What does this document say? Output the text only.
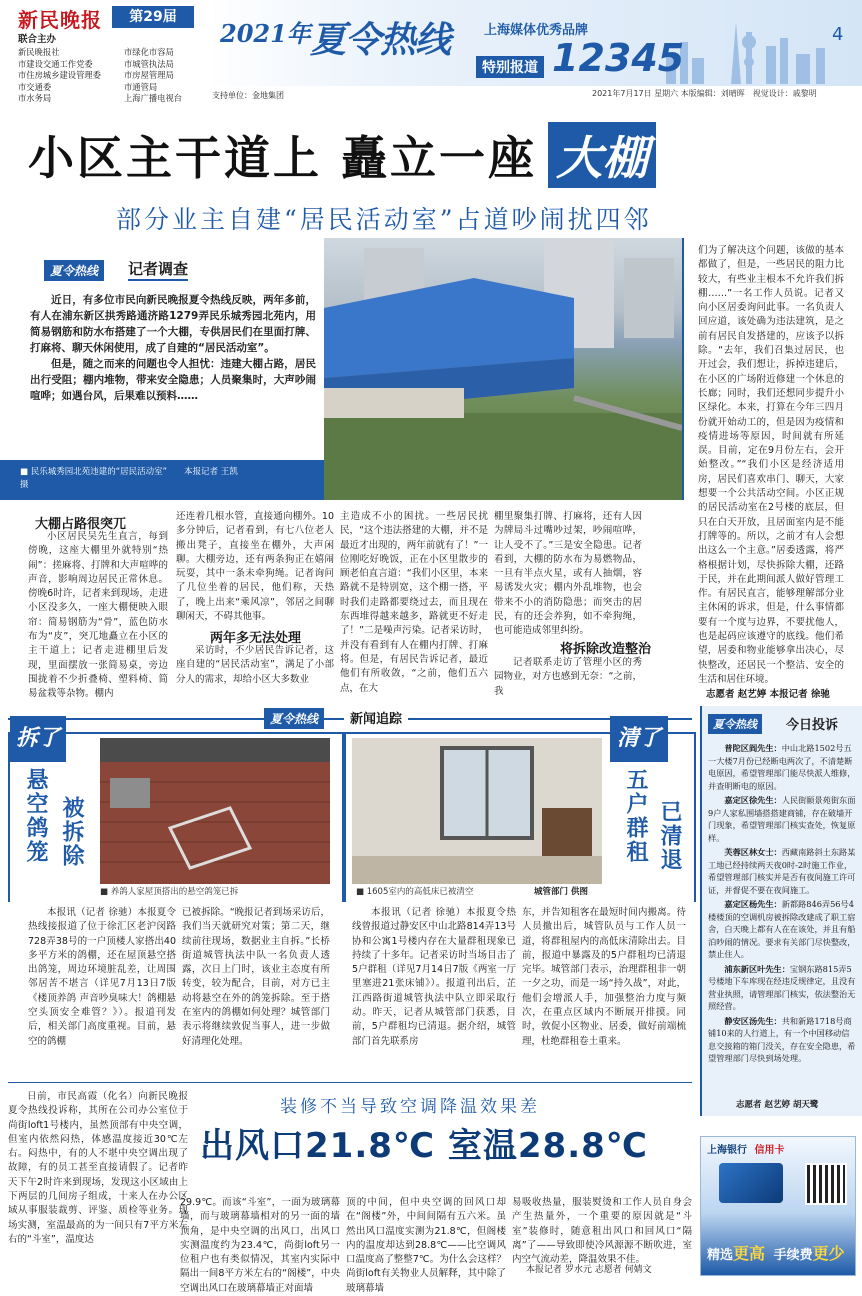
新民晚报	第29届
联合主办
新民晚报社
市建设交通工作党委
市住房城乡建设管理委
市交通委
市水务局
市绿化市容局
市城管执法局
市房屋管理局
市通管局
上海广播电视台	支持单位：金地集团
2021年 夏令热线	上海媒体优秀品牌
特别报道 12345
4
2021年7月17日 星期六 本版编辑：刘晴晖　视觉设计：戚黎明
小区主干道上 矗立一座 大棚
部分业主自建“居民活动室”占道吵闹扰四邻
夏令热线	记者调查

近日，有多位市民向新民晚报夏令热线反映，两年多前，有人在浦东新区拱秀路通济路1279弄民乐城秀园北苑内，用简易钢筋和防水布搭建了一个大棚，专供居民们在里面打牌、打麻将、聊天休闲使用，成了自建的“居民活动室”。

但是，随之而来的问题也令人担忧：违建大棚占路，居民出行受阻；棚内堆物，带来安全隐患；人员聚集时，大声吵闹喧哗；如遇台风，后果难以预料……

■ 民乐城秀园北苑违建的“居民活动室”　　本报记者 王凯 摄
大棚占路很突兀

小区居民吴先生直言，每到傍晚，这座大棚里外就特别“热闹”：搓麻将、打牌和大声喧哗的声音，影响周边居民正常休息。傍晚6时许，记者来到现场，走进小区没多久，一座大棚便映入眼帘：简易钢筋为“骨”，蓝色防水布为“皮”，突兀地矗立在小区的主干道上；记者走进棚里后发现，里面摆放一张简易桌，旁边围拢着不少折叠椅、塑料椅、简易盆栽等杂物。棚内

还连着几根水管，直接通向棚外。10多分钟后，记者看到，有七八位老人搬出凳子，直接坐在棚外，大声闲聊。大棚旁边，还有两条狗正在嬉闹玩耍，其中一条未牵狗绳。记者询问了几位坐着的居民，他们称，天热了，晚上出来“乘风凉”，邻居之间聊聊闲天，不碍其他事。

两年多无法处理

采访时，不少居民告诉记者，这座自建的“居民活动室”，满足了小部分人的需求，却给小区大多数业

主造成不小的困扰。一些居民扰民，“这个违法搭建的大棚，并不是最近才出现的，两年前就有了！”一位刚吃好晚饭，正在小区里散步的顾老伯直言道：“我们小区里，本来路就不是特别宽，这个棚一搭，平时我们走路都要绕过去，而且现在东西堆得越来越多，路就更不好走了！”二是噪声污染。记者采访时，并没有看到有人在棚内打牌、打麻将。但是，有居民告诉记者，最近他们有所收敛，“之前，他们五六点，在大

棚里聚集打牌、打麻将，还有人因为牌局斗过嘴吵过架，吵闹喧哗，让人受不了。”三是安全隐患。记者看到，大棚的防水布为易燃物品，一旦有半点火星，或有人抽烟，容易诱发火灾；棚内外乱堆物，也会带来不小的消防隐患；而突击的居民，有的还会养狗，如不牵狗绳，也可能造成邻里纠纷。

将拆除改造整治

记者联系走访了管理小区的秀园物业，对方也感到无奈：“之前，我

们为了解决这个问题，该做的基本都做了，但是，一些居民的阻力比较大，有些业主根本不允许我们拆棚……”一名工作人员说。记者又向小区居委询问此事。一名负责人回应道，该处确为违法建筑，是之前有居民自发搭建的，应该予以拆除。“去年，我们召集过居民，也开过会，我们想让，拆掉违建后，在小区的广场附近修建一个休息的长廊；同时，我们还想同步提升小区绿化。本来，打算在今年三四月份就开始动工的，但是因为疫情和疫情进场等原因，时间就有所延误。目前，定在9月份左右，会开始整改。”“我们小区是经济适用房，居民们喜欢串门、聊天，大家想要一个公共活动空间。小区正规的居民活动室在2号楼的底层，但只在白天开放，且居面室内是不能打牌等的。所以，之前才有人会想出这么一个主意。”居委透露，将严格根据计划，尽快拆除大棚，还路于民，并在此期间派人做好管理工作。有居民直言，能够理解部分业主休闲的诉求，但是，什么事情都要有一个度与边界，不要扰他人，也是起码应该遵守的底线。他们希望，居委和物业能够拿出决心，尽快整改，还居民一个整洁、安全的生活和居住环境。

志愿者 赵艺婷 本报记者 徐驰
夏令热线	新闻追踪
拆了
悬空鸽笼 被拆除
■ 养鸽人家屋顶搭出的悬空鸽笼已拆

本报讯（记者 徐驰）本报夏令热线接报道了位于徐汇区老沪闵路728弄38号的一户顶楼人家搭出40多平方米的鸽棚，还在屋顶悬空搭出鸽笼，周边环境脏乱差，让周围邻居苦不堪言（详见7月13日7版《楼顶养鸽 声音吵臭味大！鸽棚悬空头顶安全难管？》）。报道刊发后，相关部门高度重视。目前，悬空的鸽棚

已被拆除。“晚报记者到场采访后，我们当天就研究对策；第二天，继续前往现场，数据业主自拆。”长桥街道城管执法中队一名负责人透露，次日上门时，该业主态度有所转变，较为配合，目前，对方已主动将悬空在外的鸽笼拆除。至于搭在室内的鸽棚如何处理？城管部门表示将继续敦促当事人，进一步做好清理化处理。

■ 1605室内的高低床已被清空	城管部门 供图
清了
五户群租 已清退

本报讯（记者 徐驰）本报夏令热线曾报道过静安区中山北路814弄13号协和公寓1号楼内存在大量群租现象已持续了十多年。记者采访时当场目击了5户群租（详见7月14日7版《两室一厅里塞进21张床铺》）。报道刊出后，芷江西路街道城管执法中队立即采取行动。昨天，记者从城管部门获悉，目前，5户群租均已清退。据介绍，城管部门首先联系房

东，并告知租客在最短时间内搬离。待人员撤出后，城管队员与工作人员一道，将群租屋内的高低床清除出去。目前，报道中暴露及的5户群租均已清退完毕。城管部门表示，治理群租非一朝一夕之功，而是一场“持久战”，对此，他们会增派人手，加强整治力度与频次，在重点区域内不断展开排摸。同时，敦促小区物业、居委，做好前端梳理，杜绝群租卷土重来。

夏令热线	今日投诉
普陀区阎先生：中山北路1502号五一大楼7月份已经断电两次了，不清楚断电原因，希望管理部门能尽快派人维修，并查明断电的原因。
嘉定区徐先生：人民街颐景苑街东面9户人家私围墙搭搭建商铺，存在破墙开门现象，希望管理部门核实查处，恢复原样。
芙蓉区林女士：西藏南路斜土东路某工地已经持续两天夜0时-2时施工作业，希望管理部门核实并是否有夜间施工许可证，并督促不要在夜间施工。
嘉定区杨先生：新都路846弄56号4楼楼顶的空调机房被拆除改建成了职工宿舍，白天晚上都有人在在该处，并且有船泊吵闹的情况。要求有关部门尽快整改，禁止住人。
浦东新区叶先生：宝钢东路815弄5号楼地下车库现在经违反规律定，且没有营业执照，请管理部门核实，依法整治无照经营。
静安区汤先生：共和新路1718号商铺10来的人行道上，有一个中国移动信息交接箱的箱门没关，存在安全隐患，希望管理部门尽快到场处理。
志愿者 赵艺婷 胡天鹭

日前，市民高霞（化名）向新民晚报夏令热线投诉称，其所在公司办公室位于尚街loft1号楼内，虽然顶部有中央空调，但室内依然闷热，体感温度接近30℃左右。闷热中，有的人不堪中央空调出现了故障，有的员工甚至直接请假了。记者昨天下午2时许来到现场，发现这小区域由上下两层的几间房子组成，十来人在办公区域从事服装裁剪、评鉴、质检等业务。现场实测，室温最高的为一间只有7平方米左右的“斗室”，温度达

装修不当导致空调降温效果差
出风口21.8℃ 室温28.8℃

29.9℃。而该“斗室”，一面为玻璃幕墙，而与玻璃幕墙相对的另一面的墙顶角，是中央空调的出风口，出风口实测温度约为23.4℃，尚街loft另一位租户也有类似情况，其室内实际中隔出一间8平方米左右的“阁楼”，中央空调出风口在玻璃幕墙正对面墙

顶的中间，但中央空调的回风口却在“阁楼”外，中间间隔有五六米。虽然出风口温度实测为21.8℃，但阁楼内的温度却达到28.8℃——比空调风口温度高了整整7℃。为什么会这样？尚街loft有关物业人员解释，其中除了玻璃幕墙

易吸收热量，服装熨烫和工作人员自身会产生热量外，一个重要的原因就是“斗室”装修时，随意租出风口和回风口“隔离”了——导致即使冷风源源不断吹进，室内空气流动差，降温效果不佳。

本报记者 罗水元 志愿者 何婧文
上海银行 信用卡
精选更高 手续费更少
